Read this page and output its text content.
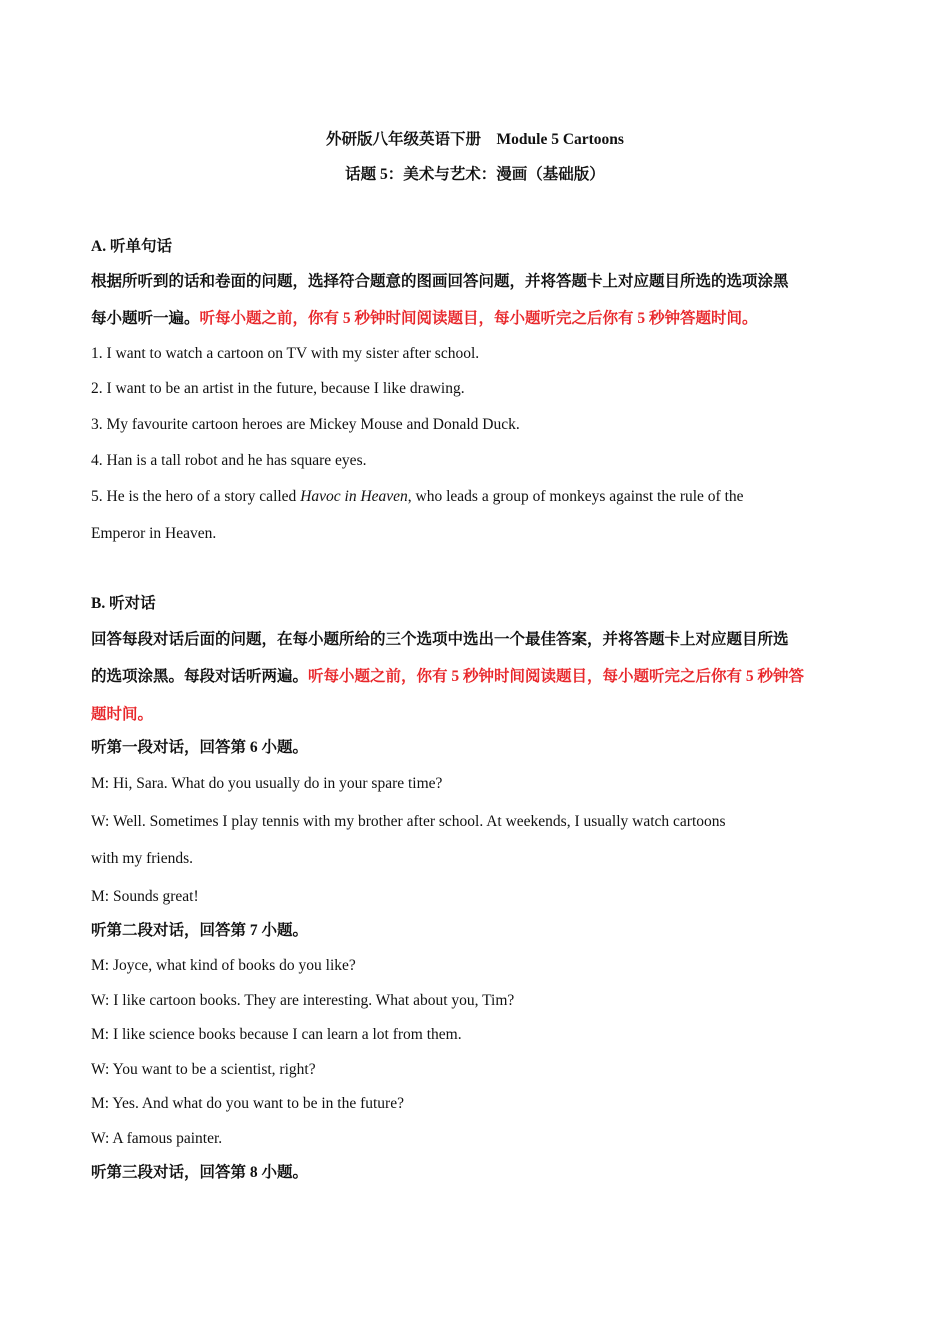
外研版八年级英语下册　Module 5 Cartoons
话题 5：美术与艺术：漫画（基础版）
A. 听单句话
根据所听到的话和卷面的问题，选择符合题意的图画回答问题，并将答题卡上对应题目所选的选项涂黑
每小题听一遍。听每小题之前，你有 5 秒钟时间阅读题目，每小题听完之后你有 5 秒钟答题时间。
1. I want to watch a cartoon on TV with my sister after school.
2. I want to be an artist in the future, because I like drawing.
3. My favourite cartoon heroes are Mickey Mouse and Donald Duck.
4. Han is a tall robot and he has square eyes.
5. He is the hero of a story called Havoc in Heaven, who leads a group of monkeys against the rule of the
Emperor in Heaven.
B. 听对话
回答每段对话后面的问题，在每小题所给的三个选项中选出一个最佳答案，并将答题卡上对应题目所选
的选项涂黑。每段对话听两遍。听每小题之前，你有 5 秒钟时间阅读题目，每小题听完之后你有 5 秒钟答
题时间。
听第一段对话，回答第 6 小题。
M: Hi, Sara. What do you usually do in your spare time?
W: Well. Sometimes I play tennis with my brother after school. At weekends, I usually watch cartoons
with my friends.
M: Sounds great!
听第二段对话，回答第 7 小题。
M: Joyce, what kind of books do you like?
W: I like cartoon books. They are interesting. What about you, Tim?
M: I like science books because I can learn a lot from them.
W: You want to be a scientist, right?
M: Yes. And what do you want to be in the future?
W: A famous painter.
听第三段对话，回答第 8 小题。
